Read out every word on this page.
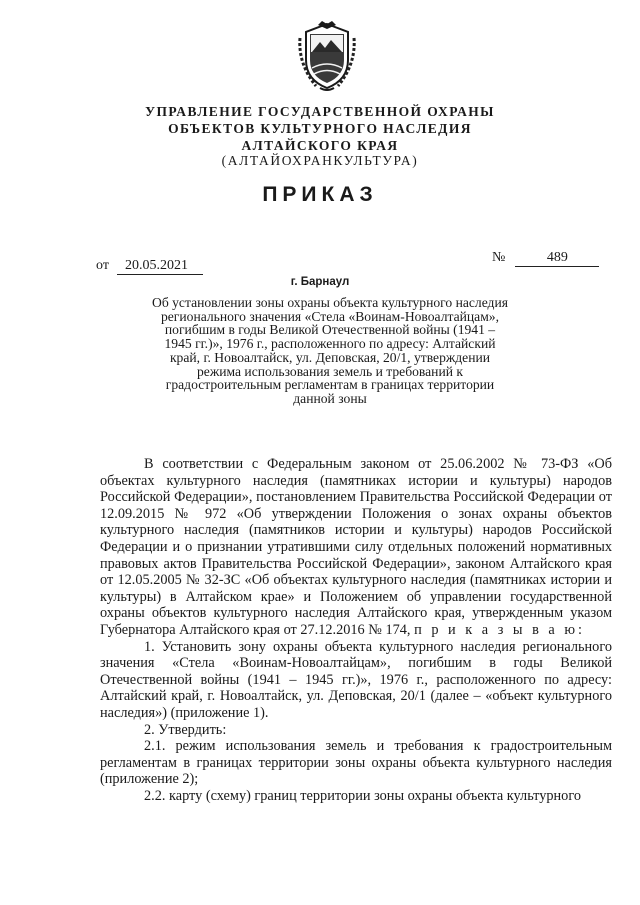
УПРАВЛЕНИЕ ГОСУДАРСТВЕННОЙ ОХРАНЫ
ОБЪЕКТОВ КУЛЬТУРНОГО НАСЛЕДИЯ
АЛТАЙСКОГО КРАЯ
(АЛТАЙОХРАНКУЛЬТУРА)
ПРИКАЗ
от 20.05.2021
№	489
г. Барнаул
Об установлении зоны охраны объекта культурного наследия регионального значения «Стела «Воинам-Новоалтайцам», погибшим в годы Великой Отечественной войны (1941 – 1945 гг.)», 1976 г., расположенного по адресу: Алтайский край, г. Новоалтайск, ул. Деповская, 20/1, утверждении режима использования земель и требований к градостроительным регламентам в границах территории данной зоны

В соответствии с Федеральным законом от 25.06.2002 № 73-ФЗ «Об объектах культурного наследия (памятниках истории и культуры) народов Российской Федерации», постановлением Правительства Российской Федерации от 12.09.2015 № 972 «Об утверждении Положения о зонах охраны объектов культурного наследия (памятников истории и культуры) народов Российской Федерации и о признании утратившими силу отдельных положений нормативных правовых актов Правительства Российской Федерации», законом Алтайского края от 12.05.2005 № 32-ЗС «Об объектах культурного наследия (памятниках истории и культуры) в Алтайском крае» и Положением об управлении государственной охраны объектов культурного наследия Алтайского края, утвержденным указом Губернатора Алтайского края от 27.12.2016 № 174, п р и к а з ы в а ю:

1. Установить зону охраны объекта культурного наследия регионального значения «Стела «Воинам-Новоалтайцам», погибшим в годы Великой Отечественной войны (1941 – 1945 гг.)», 1976 г., расположенного по адресу: Алтайский край, г. Новоалтайск, ул. Деповская, 20/1 (далее – «объект культурного наследия») (приложение 1).

2. Утвердить:

2.1. режим использования земель и требования к градостроительным регламентам в границах территории зоны охраны объекта культурного наследия (приложение 2);

2.2. карту (схему) границ территории зоны охраны объекта культурного
